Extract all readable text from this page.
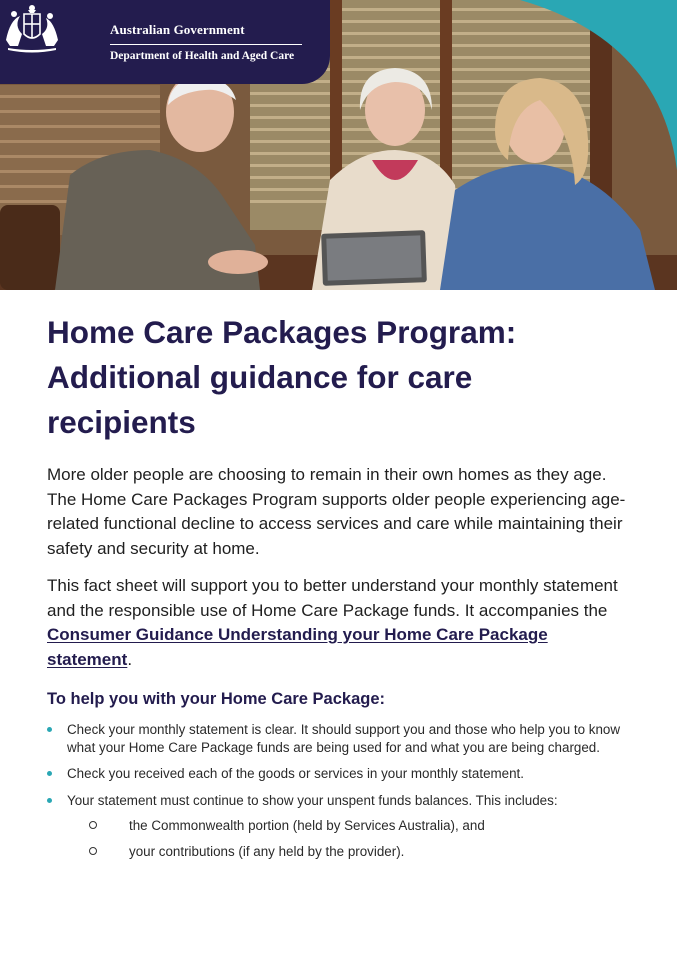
Australian Government
Department of Health and Aged Care
Home Care Packages Program: Additional guidance for care recipients

More older people are choosing to remain in their own homes as they age. The Home Care Packages Program supports older people experiencing age-related functional decline to access services and care while maintaining their safety and security at home.

This fact sheet will support you to better understand your monthly statement and the responsible use of Home Care Package funds. It accompanies the Consumer Guidance Understanding your Home Care Package statement.

To help you with your Home Care Package:
Check your monthly statement is clear. It should support you and those who help you to know what your Home Care Package funds are being used for and what you are being charged.
Check you received each of the goods or services in your monthly statement.
Your statement must continue to show your unspent funds balances. This includes:
the Commonwealth portion (held by Services Australia), and
your contributions (if any held by the provider).
